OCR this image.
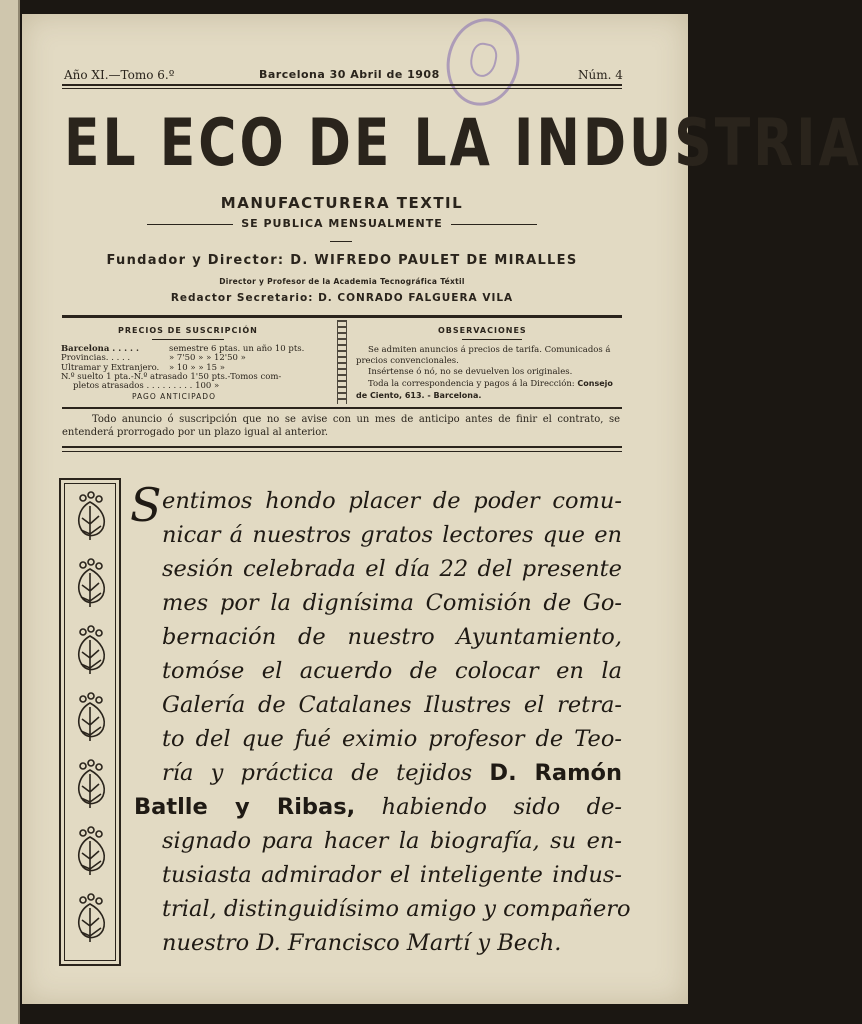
Año XI.—Tomo 6.º	Barcelona 30 Abril de 1908	Núm. 4
EL ECO DE LA INDUSTRIA
MANUFACTURERA TEXTIL
SE PUBLICA MENSUALMENTE
Fundador y Director: D. WIFREDO PAULET DE MIRALLES
Director y Profesor de la Academia Tecnográfica Téxtil
Redactor Secretario: D. CONRADO FALGUERA VILA
PRECIOS DE SUSCRIPCIÓN
Barcelona . . . . .	semestre 6 ptas. un año 10 pts.
Provincias. . . . .	» 7'50 » » 12'50 »
Ultramar y Extranjero. » 10 » » 15 »
N.º suelto 1 pta.-N.º atrasado 1'50 pts.-Tomos com-
pletos atrasados . . . . . . . . . 100 »
PAGO ANTICIPADO
OBSERVACIONES

Se admiten anuncios á precios de tarifa. Comunicados á precios convencionales.

Insértense ó nó, no se devuelven los originales.

Toda la correspondencia y pagos á la Dirección: Consejo de Ciento, 613. - Barcelona.

Todo anuncio ó suscripción que no se avise con un mes de anticipo antes de finir el contrato, se entenderá prorrogado por un plazo igual al anterior.
S entimos hondo placer de poder comu-
nicar á nuestros gratos lectores que en
sesión celebrada el día 22 del presente
mes por la dignísima Comisión de Go-
bernación de nuestro Ayuntamiento,
tomóse el acuerdo de colocar en la
Galería de Catalanes Ilustres el retra-
to del que fué eximio profesor de Teo-
ría y práctica de tejidos D. Ramón
Batlle y Ribas, habiendo sido de-
signado para hacer la biografía, su en-
tusiasta admirador el inteligente indus-
trial, distinguidísimo amigo y compañero
nuestro D. Francisco Martí y Bech.
